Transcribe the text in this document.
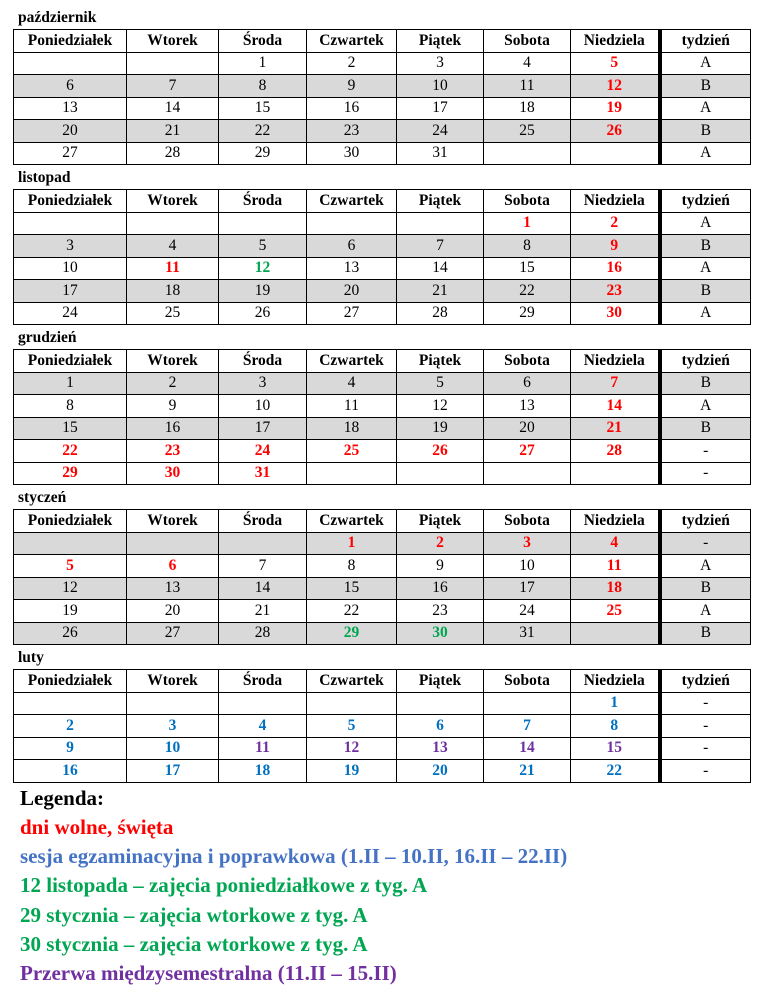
październik
Poniedziałek	Wtorek	Środa	Czwartek	Piątek	Sobota	Niedziela	tydzień
		1	2	3	4	5	A
6	7	8	9	10	11	12	B
13	14	15	16	17	18	19	A
20	21	22	23	24	25	26	B
27	28	29	30	31			A
listopad
Poniedziałek	Wtorek	Środa	Czwartek	Piątek	Sobota	Niedziela	tydzień
					1	2	A
3	4	5	6	7	8	9	B
10	11	12	13	14	15	16	A
17	18	19	20	21	22	23	B
24	25	26	27	28	29	30	A
grudzień
Poniedziałek	Wtorek	Środa	Czwartek	Piątek	Sobota	Niedziela	tydzień
1	2	3	4	5	6	7	B
8	9	10	11	12	13	14	A
15	16	17	18	19	20	21	B
22	23	24	25	26	27	28	-
29	30	31					-
styczeń
Poniedziałek	Wtorek	Środa	Czwartek	Piątek	Sobota	Niedziela	tydzień
			1	2	3	4	-
5	6	7	8	9	10	11	A
12	13	14	15	16	17	18	B
19	20	21	22	23	24	25	A
26	27	28	29	30	31		B
luty
Poniedziałek	Wtorek	Środa	Czwartek	Piątek	Sobota	Niedziela	tydzień
						1	-
2	3	4	5	6	7	8	-
9	10	11	12	13	14	15	-
16	17	18	19	20	21	22	-
Legenda:
dni wolne, święta
sesja egzaminacyjna i poprawkowa (1.II – 10.II, 16.II – 22.II)
12 listopada – zajęcia poniedziałkowe z tyg. A
29 stycznia – zajęcia wtorkowe z tyg. A
30 stycznia – zajęcia wtorkowe z tyg. A
Przerwa międzysemestralna (11.II – 15.II)
